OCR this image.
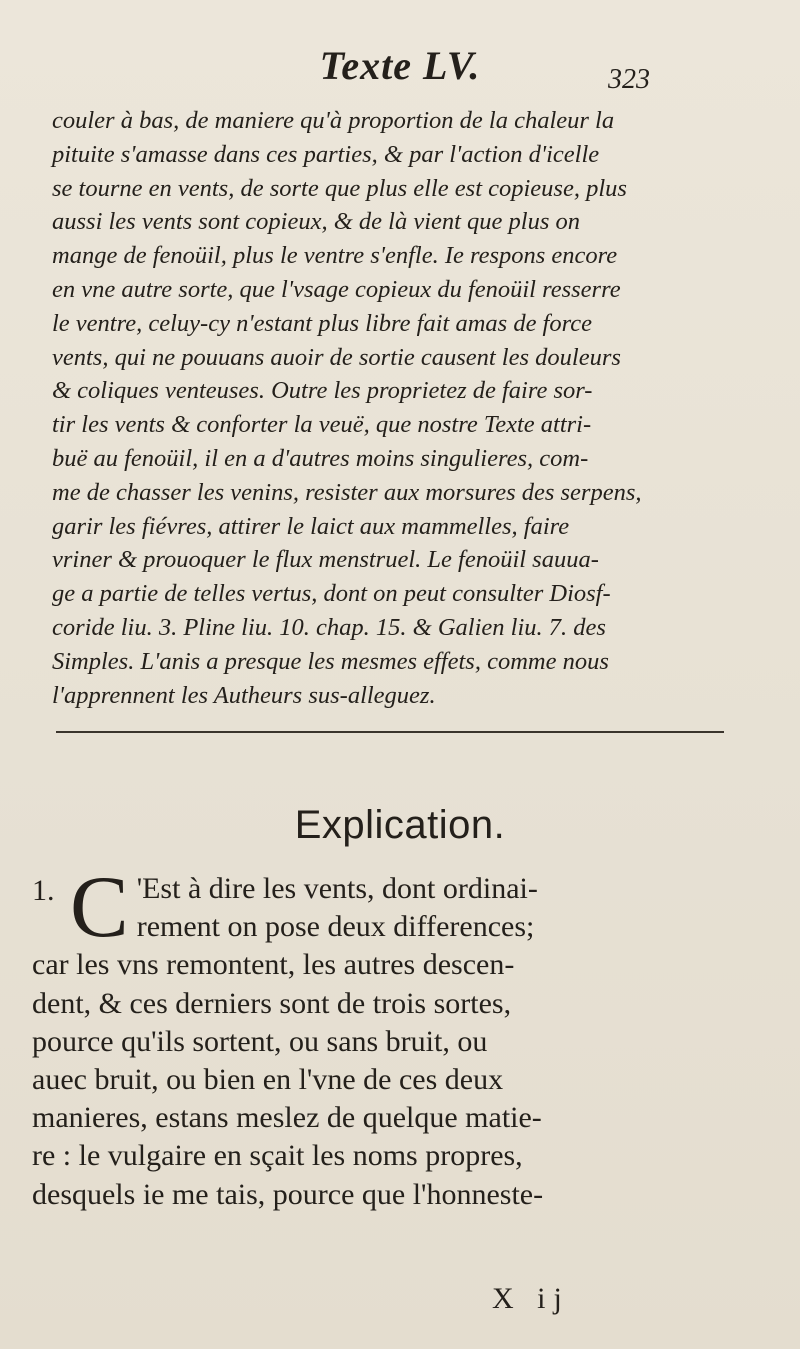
Texte LV.	323
couler à bas, de maniere qu'à proportion de la chaleur la
pituite s'amasse dans ces parties, & par l'action d'icelle
se tourne en vents, de sorte que plus elle est copieuse, plus
aussi les vents sont copieux, & de là vient que plus on
mange de fenoüil, plus le ventre s'enfle. Ie respons encore
en vne autre sorte, que l'vsage copieux du fenoüil resserre
le ventre, celuy-cy n'estant plus libre fait amas de force
vents, qui ne pouuans auoir de sortie causent les douleurs
& coliques venteuses. Outre les proprietez de faire sor-
tir les vents & conforter la veuë, que nostre Texte attri-
buë au fenoüil, il en a d'autres moins singulieres, com-
me de chasser les venins, resister aux morsures des serpens,
garir les fiévres, attirer le laict aux mammelles, faire
vriner & prouoquer le flux menstruel. Le fenoüil sauua-
ge a partie de telles vertus, dont on peut consulter Diosf-
coride liu. 3. Pline liu. 10. chap. 15. & Galien liu. 7. des
Simples. L'anis a presque les mesmes effets, comme nous
l'apprennent les Autheurs sus-alleguez.
Explication.
1. C 'Est à dire les vents, dont ordinai-
rement on pose deux differences;
car les vns remontent, les autres descen-
dent, & ces derniers sont de trois sortes,
pource qu'ils sortent, ou sans bruit, ou
auec bruit, ou bien en l'vne de ces deux
manieres, estans meslez de quelque matie-
re : le vulgaire en sçait les noms propres,
desquels ie me tais, pource que l'honneste-
X ij
